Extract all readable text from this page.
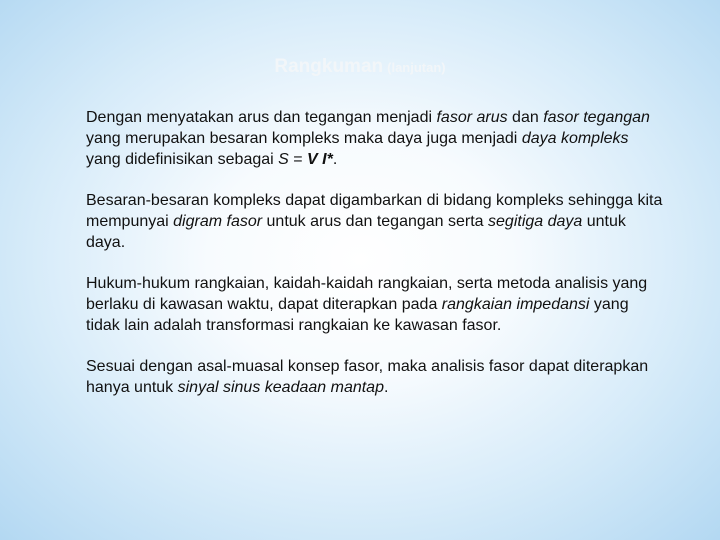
Rangkuman (lanjutan)

Dengan menyatakan arus dan tegangan menjadi fasor arus dan fasor tegangan yang merupakan besaran kompleks maka daya juga menjadi daya kompleks yang didefinisikan sebagai S = V I*.

Besaran-besaran kompleks dapat digambarkan di bidang kompleks sehingga kita mempunyai digram fasor untuk arus dan tegangan serta segitiga daya untuk daya.

Hukum-hukum rangkaian, kaidah-kaidah rangkaian, serta metoda analisis yang berlaku di kawasan waktu, dapat diterapkan pada rangkaian impedansi yang tidak lain adalah transformasi rangkaian ke kawasan fasor.

Sesuai dengan asal-muasal konsep fasor, maka analisis fasor dapat diterapkan hanya untuk sinyal sinus keadaan mantap.
